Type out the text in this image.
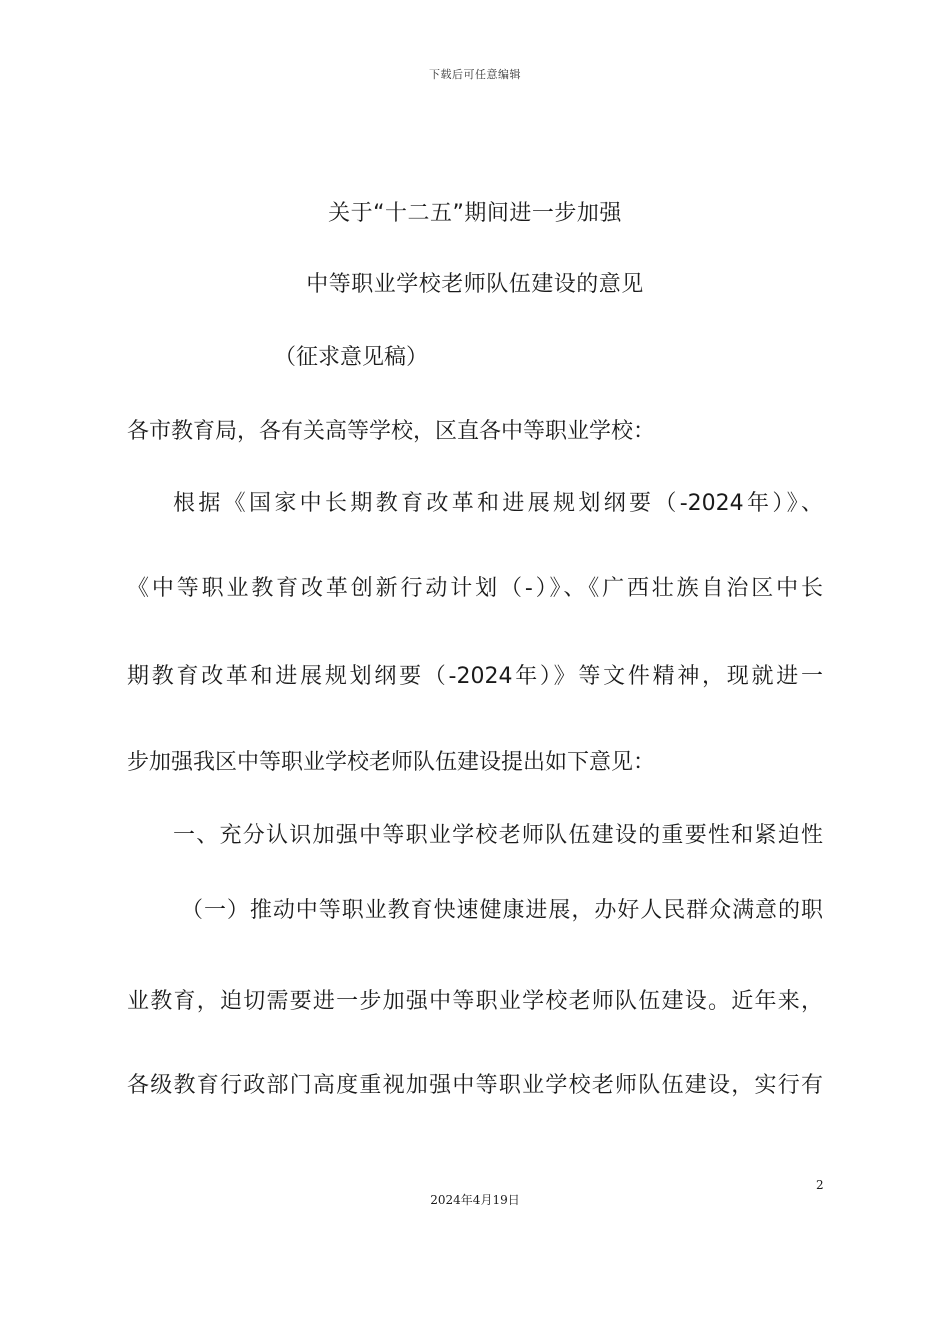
下载后可任意编辑
关于“十二五”期间进一步加强
中等职业学校老师队伍建设的意见
（征求意见稿）
各市教育局，各有关高等学校，区直各中等职业学校：
根据《国家中长期教育改革和进展规划纲要（-2024年）》、
《中等职业教育改革创新行动计划（-）》、《广西壮族自治区中长
期教育改革和进展规划纲要（-2024年）》等文件精神，现就进一
步加强我区中等职业学校老师队伍建设提出如下意见：
一、充分认识加强中等职业学校老师队伍建设的重要性和紧迫性
（一）推动中等职业教育快速健康进展，办好人民群众满意的职
业教育，迫切需要进一步加强中等职业学校老师队伍建设。近年来，
各级教育行政部门高度重视加强中等职业学校老师队伍建设，实行有
2
2024年4月19日
